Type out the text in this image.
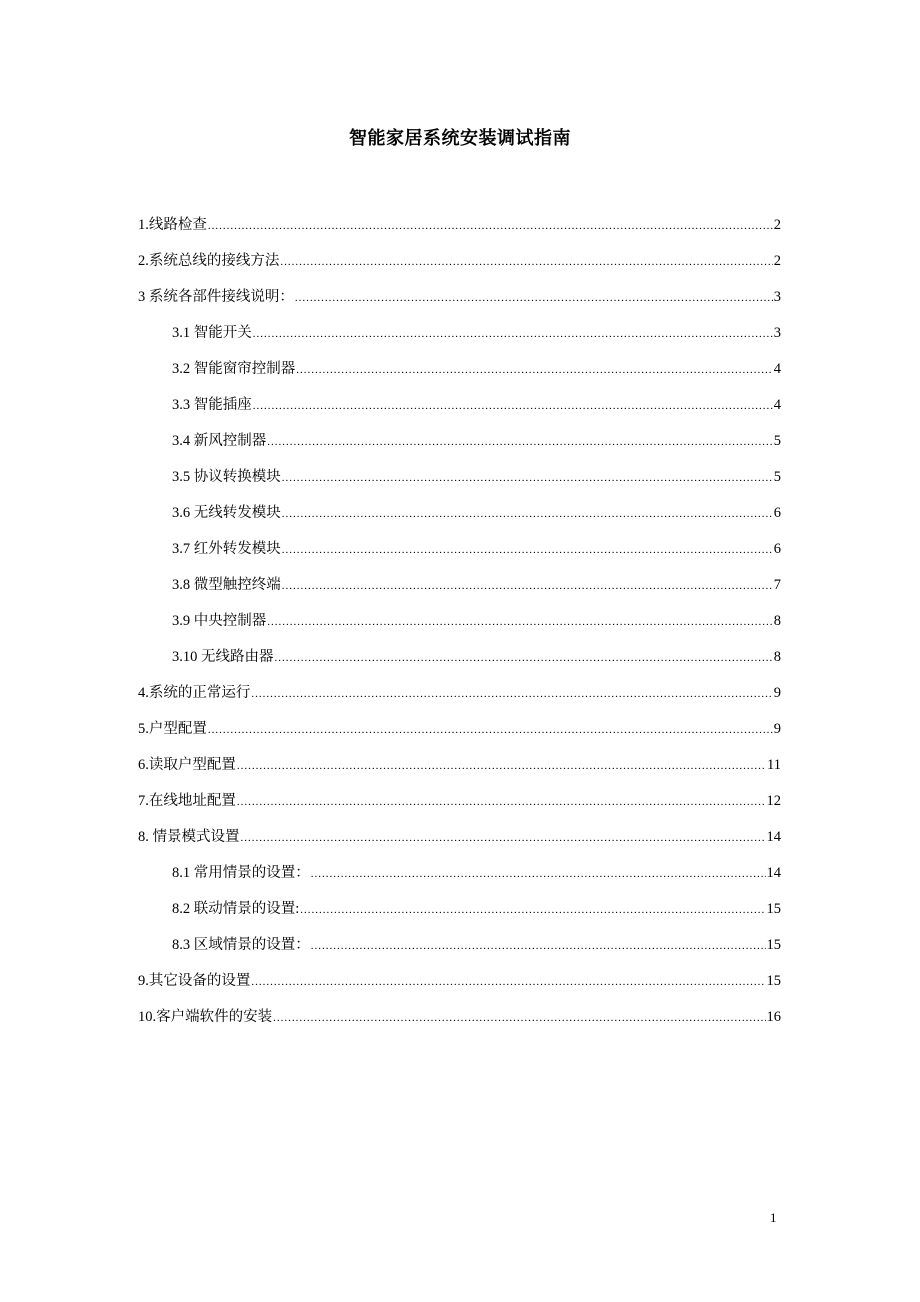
智能家居系统安装调试指南
1.线路检查 .....	2
2.系统总线的接线方法 .....	2
3 系统各部件接线说明： .....	3
3.1 智能开关 .....	3
3.2 智能窗帘控制器 .....	4
3.3 智能插座 .....	4
3.4 新风控制器 .....	5
3.5 协议转换模块 .....	5
3.6 无线转发模块 .....	6
3.7 红外转发模块 .....	6
3.8 微型触控终端 .....	7
3.9 中央控制器 .....	8
3.10 无线路由器 .....	8
4.系统的正常运行 .....	9
5.户型配置 .....	9
6.读取户型配置 .....	11
7.在线地址配置 .....	12
8. 情景模式设置 .....	14
8.1 常用情景的设置： .....	14
8.2 联动情景的设置: .....	15
8.3 区域情景的设置： .....	15
9.其它设备的设置 .....	15
10.客户端软件的安装 .....	16
1
